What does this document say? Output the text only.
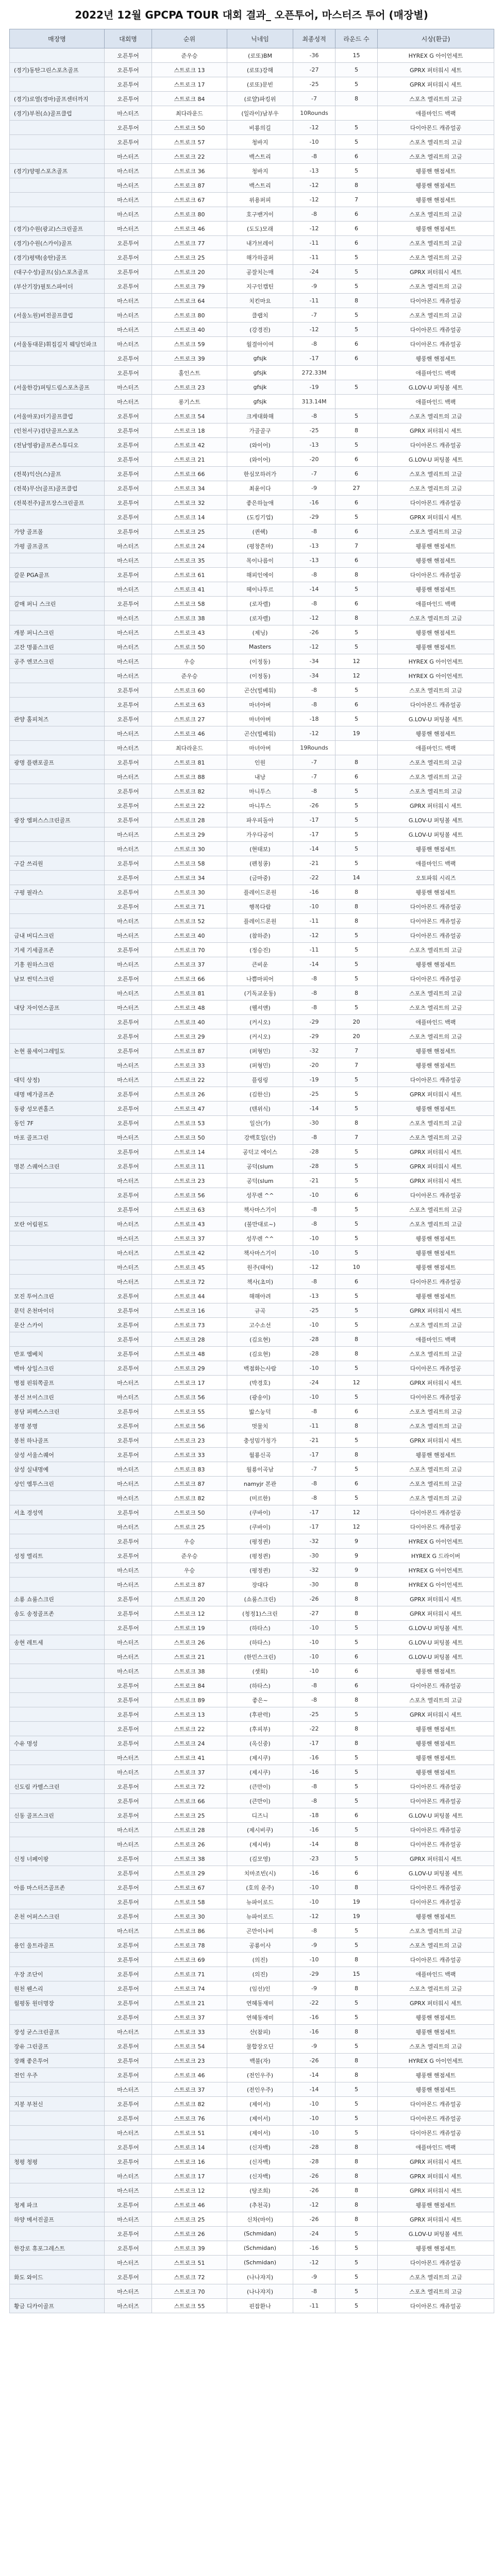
2022년 12월 GPCPA TOUR 대회 결과_ 오픈투어, 마스터즈 투어 (매장별)
매장명	대회명	순위	닉네임	최종성적	라운드 수	시상(환급)
	오픈투어	준우승	(로또)BM	-36	15	HYREX G 아이언세트
(경기)동탄그린스포츠골프	오픈투어	스트로크 13	(로또)강해	-27	5	GPRX 퍼터워시 세트
	오픈투어	스트로크 17	(로또)문빈	-25	5	GPRX 퍼터워시 세트
(경기)로열(경마)골프센터까지	오픈투어	스트로크 84	(로얄)파킹위	-7	8	스포츠 엘리트의 고글
(경기)부천(쇼)골프클럽	마스터즈	최다라운드	(일라이)남부우	10Rounds		애플마인드 백팩
	오픈투어	스트로크 50	비룡의길	-12	5	다이아몬드 캐쥬얼공
	오픈투어	스트로크 57	청바지	-10	5	스포츠 엘리트의 고글
	마스터즈	스트로크 22	백스트리	-8	6	스포츠 엘리트의 고글
(경기)양평스포츠골프	마스터즈	스트로크 36	청바지	-13	5	웽풍핸 핸점세트
	마스터즈	스트로크 87	백스트리	-12	8	웽풍핸 핸점세트
	마스터즈	스트로크 67	위용퍼피	-12	7	웽풍핸 핸점세트
	마스터즈	스트로크 80	호구밴거이	-8	6	스포츠 엘리트의 고글
(경기)수원(광교)스크린골프	마스터즈	스트로크 46	(도도)모래	-12	6	웽풍핸 핸점세트
(경기)수원(스카이)골프	오픈투어	스트로크 77	내가브레이	-11	6	스포츠 엘리트의 고글
(경기)평택(송탄)골프	오픈투어	스트로크 25	해가하골퍼	-11	5	스포츠 엘리트의 고글
(대구수성)골프(심)스포츠골프	오픈투어	스트로크 20	공잘치는매	-24	5	GPRX 퍼터워시 세트
(부산기장)필토스파이더	오픈투어	스트로크 79	지구인캡틴	-9	5	스포츠 엘리트의 고글
	마스터즈	스트로크 64	치킨마요	-11	8	다이아몬드 캐쥬얼공
(서울노원)비전골프클럽	마스터즈	스트로크 80	클랩치	-7	5	스포츠 엘리트의 고글
	마스터즈	스트로크 40	(강경진)	-12	5	다이아몬드 캐쥬얼공
(서울동대문)휘집길지 웨딩인파크	마스터즈	스트로크 59	월결아이여	-8	6	다이아몬드 캐쥬얼공
	오픈투어	스트로크 39	gfsjk	-17	6	웽풍핸 핸점세트
	오픈투어	홀인스트	gfsjk	272.33M		애플마인드 백팩
(서울한강)퍼팅드림스포츠골프	마스터즈	스트로크 23	gfsjk	-19	5	G.LOV-U 퍼팅볼 세트
	마스터즈	롱기스트	gfsjk	313.14M		애플마인드 백팩
(서울마포)더기골프클럽	오픈투어	스트로크 54	크게대화해	-8	5	스포츠 엘리트의 고글
(인천서구)검단골프스포츠	오픈투어	스트로크 18	가골골구	-25	8	GPRX 퍼터워시 세트
(전남영광)골프존스튜디오	오픈투어	스트로크 42	(와이어)	-13	5	다이아몬드 캐쥬얼공
	오픈투어	스트로크 21	(와이어)	-20	6	G.LOV-U 퍼팅볼 세트
(전북)익산(스)골프	오픈투어	스트로크 66	한심모하러가	-7	6	스포츠 엘리트의 고글
(전북)무산(골프)골프클럽	오픈투어	스트로크 34	최윤이다	-9	27	스포츠 엘리트의 고글
(전북전주)골프장스크린골프	오픈투어	스트로크 32	좋은하늘애	-16	6	다이아몬드 캐쥬얼공
	오픈투어	스트로크 14	(도킹기업)	-29	5	GPRX 퍼터워시 세트
가양 골프몰	오픈투어	스트로크 25	(퀸쉑)	-8	6	스포츠 엘리트의 고글
가평 골프골프	마스터즈	스트로크 24	(평창흔마)	-13	7	웽풍핸 핸점세트
	마스터즈	스트로크 35	목이나름이	-13	6	웽풍핸 핸점세트
갈문 PGA골프	오픈투어	스트로크 61	해피인에이	-8	8	다이아몬드 캐쥬얼공
	마스터즈	스트로크 41	헤이나투르	-14	5	웽풍핸 핸점세트
갈매 퍼니 스크린	오픈투어	스트로크 58	(로자렐)	-8	6	애플마인드 백팩
	마스터즈	스트로크 38	(로자렐)	-12	8	스포츠 엘리트의 고글
개봉 퍼니스크린	마스터즈	스트로크 43	(제닝)	-26	5	웽풍핸 핸점세트
고잔 명품스크린	마스터즈	스트로크 50	Masters	-12	5	웽풍핸 핸점세트
공주 엔코스크린	마스터즈	우승	(이정동)	-34	12	HYREX G 아이언세트
	마스터즈	준우승	(이정동)	-34	12	HYREX G 아이언세트
	오픈투어	스트로크 60	곤산(빌베워)	-8	5	스포츠 엘리트의 고글
	오픈투어	스트로크 63	마녀아버	-8	6	다이아몬드 캐쥬얼공
관양 홀피처즈	오픈투어	스트로크 27	마녀아버	-18	5	G.LOV-U 퍼팅볼 세트
	마스터즈	스트로크 46	곤산(빌베워)	-12	19	웽풍핸 핸점세트
	마스터즈	최다라운드	마녀아버	19Rounds		애플마인드 백팩
광명 플랜포골프	오픈투어	스트로크 81	인원	-7	8	스포츠 엘리트의 고글
	마스터즈	스트로크 88	내낭	-7	6	스포츠 엘리트의 고글
	오픈투어	스트로크 82	마니투스	-8	5	스포츠 엘리트의 고글
	오픈투어	스트로크 22	마니투스	-26	5	GPRX 퍼터워시 세트
광장 엠퍼스스크린골프	오픈투어	스트로크 28	파우피돌아	-17	5	G.LOV-U 퍼팅볼 세트
	마스터즈	스트로크 29	가우다공이	-17	5	G.LOV-U 퍼팅볼 세트
	마스터즈	스트로크 30	(현태보)	-14	5	웽풍핸 핸점세트
구갈 쓰리원	오픈투어	스트로크 58	(펜칭콩)	-21	5	애플마인드 백팩
	오픈투어	스트로크 34	(금마중)	-22	14	오토파워 시리즈
구평 필라스	오픈투어	스트로크 30	플레이드론원	-16	8	웽풍핸 핸점세트
	오픈투어	스트로크 71	행복다람	-10	8	다이아몬드 캐쥬얼공
	마스터즈	스트로크 52	플레이드론원	-11	8	다이아몬드 캐쥬얼공
금내 버디스크린	마스터즈	스트로크 40	(참하준)	-12	5	다이아몬드 캐쥬얼공
기세 기세골프존	오픈투어	스트로크 70	(정승진)	-11	5	스포츠 엘리트의 고글
기흥 원하스크린	마스터즈	스트로크 37	큰비운	-14	5	웽풍핸 핸점세트
남보 썬덕스크린	오픈투어	스트로크 66	나쁨마피어	-8	5	다이아몬드 캐쥬얼공
	마스터즈	스트로크 81	(기독교운동)	-8	8	스포츠 엘리트의 고글
내당 자이언스골프	마스터즈	스트로크 48	(웰셔앤)	-8	5	스포츠 엘리트의 고글
	오픈투어	스트로크 40	(커시오)	-29	20	애플마인드 백팩
	오픈투어	스트로크 29	(커시오)	-29	20	스포츠 엘리트의 고글
논현 룰세이그레밀도	오픈투어	스트로크 87	(퍼형민)	-32	7	웽풍핸 핸점세트
	마스터즈	스트로크 33	(퍼형민)	-20	7	웽풍핸 핸점세트
대덕 상정)	마스터즈	스트로크 22	플링링	-19	5	다이아몬드 캐쥬얼공
대명 메가골프존	오픈투어	스트로크 26	(김한신)	-25	5	GPRX 퍼터워시 세트
동광 성모퀸홀즈	오픈투어	스트로크 47	(텐위식)	-14	5	웽풍핸 핸점세트
동인 7F	오픈투어	스트로크 53	일산(가)	-30	8	스포츠 엘리트의 고글
마포 골프그린	마스터즈	스트로크 50	강백호일(산)	-8	7	스포츠 엘리트의 고글
	오픈투어	스트로크 14	공덕고 에이스	-28	5	GPRX 퍼터워시 세트
명본 스퀘어스크린	오픈투어	스트로크 11	공덕(slum	-28	5	GPRX 퍼터워시 세트
	마스터즈	스트로크 23	공덕(slum	-21	5	GPRX 퍼터워시 세트
	오픈투어	스트로크 56	성무렌 ^^	-10	6	다이아몬드 캐쥬얼공
	오픈투어	스트로크 63	책사마스기이	-8	5	스포츠 엘리트의 고글
모란 어림원도	마스터즈	스트로크 43	(불만대로~)	-8	5	스포츠 엘리트의 고글
	마스터즈	스트로크 37	성무렌 ^^	-10	5	웽풍핸 핸점세트
	마스터즈	스트로크 42	책사마스기이	-10	5	웽풍핸 핸점세트
	마스터즈	스트로크 45	원주(태어)	-12	10	웽풍핸 핸점세트
	마스터즈	스트로크 72	책사(초미)	-8	6	다이아몬드 캐쥬얼공
모진 투어스크린	오픈투어	스트로크 44	해해아려	-13	5	웽풍핸 핸점세트
문덕 온천마이더	오픈투어	스트로크 16	규곡	-25	5	GPRX 퍼터워시 세트
문산 스카이	오픈투어	스트로크 73	고수소선	-10	5	스포츠 엘리트의 고글
	오픈투어	스트로크 28	(김요현)	-28	8	애플마인드 백팩
반포 엠베치	오픈투어	스트로크 48	(김요현)	-28	8	스포츠 엘리트의 고글
백마 상일스크린	오픈투어	스트로크 29	백점화는사람	-10	5	다이아몬드 캐쥬얼공
병점 핀워쪽골프	마스터즈	스트로크 17	(박경호)	-24	12	GPRX 퍼터워시 세트
봉선 브이스크린	마스터즈	스트로크 56	(광송이)	-10	5	다이아몬드 캐쥬얼공
봉담 퍼펙스스크린	오픈투어	스트로크 55	밟스눙덕	-8	6	스포츠 엘리트의 고글
봉명 봉명	오픈투어	스트로크 56	멋물치	-11	8	스포츠 엘리트의 고글
봉천 하나골프	오픈투어	스트로크 23	충성밈가칭가	-21	5	GPRX 퍼터워시 세트
삼성 서울스퀘어	오픈투어	스트로크 33	월룡신곡	-17	8	웽풍핸 핸점세트
삼성 실내명예	마스터즈	스트로크 83	월룡이곡남	-7	5	스포츠 엘리트의 고글
상인 엠투스크린	마스터즈	스트로크 87	namyjr 본관	-8	6	스포츠 엘리트의 고글
	마스터즈	스트로크 82	(미르한)	-8	5	스포츠 엘리트의 고글
서초 경성역	오픈투어	스트로크 50	(쿠바이)	-17	12	다이아몬드 캐쥬얼공
	마스터즈	스트로크 25	(쿠바이)	-17	12	다이아몬드 캐쥬얼공
	오픈투어	우승	(평정퀸)	-32	9	HYREX G 아이언세트
성정 엘리트	오픈투어	준우승	(평정퀸)	-30	9	HYREX G 드라이버
	마스터즈	우승	(평정퀸)	-32	9	HYREX G 아이언세트
	마스터즈	스트로크 87	장대다	-30	8	HYREX G 아이언세트
소룡 쇼룸스크린	오픈투어	스트로크 20	(쇼룸스크린)	-26	8	GPRX 퍼터워시 세트
송도 송정골프존	오픈투어	스트로크 12	(청정1)스크린	-27	8	GPRX 퍼터워시 세트
	오픈투어	스트로크 19	(하타스)	-10	5	G.LOV-U 퍼팅볼 세트
송현 레트세	마스터즈	스트로크 26	(하타스)	-10	5	G.LOV-U 퍼팅볼 세트
	마스터즈	스트로크 21	(한민스크린)	-10	6	G.LOV-U 퍼팅볼 세트
	마스터즈	스트로크 38	(셋회)	-10	6	웽풍핸 핸점세트
	오픈투어	스트로크 84	(하타스)	-8	6	다이아몬드 캐쥬얼공
	오픈투어	스트로크 89	좋은~	-8	8	스포츠 엘리트의 고글
	오픈투어	스트로크 13	(후판력)	-25	5	GPRX 퍼터워시 세트
	오픈투어	스트로크 22	(후피부)	-22	8	웽풍핸 핸점세트
수유 명성	오픈투어	스트로크 24	(옥신중)	-17	8	웽풍핸 핸점세트
	마스터즈	스트로크 41	(제시쿠)	-16	5	웽풍핸 핸점세트
	마스터즈	스트로크 37	(제시쿠)	-16	5	웽풍핸 핸점세트
신도림 카벨스크린	오픈투어	스트로크 72	(큰만이)	-8	5	다이아몬드 캐쥬얼공
	오픈투어	스트로크 66	(큰만이)	-8	5	다이아몬드 캐쥬얼공
신동 골프스크린	오픈투어	스트로크 25	디즈니	-18	6	G.LOV-U 퍼팅볼 세트
	마스터즈	스트로크 28	(제시비쿠)	-16	5	다이아몬드 캐쥬얼공
	마스터즈	스트로크 26	(제시바)	-14	8	다이아몬드 캐쥬얼공
신정 너페이팡	오픈투어	스트로크 38	(김모영)	-23	5	GPRX 퍼터워시 세트
	오픈투어	스트로크 29	치마조빈(시)	-16	6	G.LOV-U 퍼팅볼 세트
아름 마스터즈골프존	오픈투어	스트로크 67	(호의 운주)	-10	8	다이아몬드 캐쥬얼공
	오픈투어	스트로크 58	뉴파이로드	-10	19	다이아몬드 캐쥬얼공
온천 어퍼스스크린	오픈투어	스트로크 30	뉴파이로드	-12	19	웽풍핸 핸점세트
	마스터즈	스트로크 86	곤만이나비	-8	5	스포츠 엘리트의 고글
용인 울트라골프	오픈투어	스트로크 78	공룡이사	-9	5	스포츠 엘리트의 고글
	오픈투어	스트로크 69	(의진)	-10	8	다이아몬드 캐쥬얼공
우장 조단이	오픈투어	스트로크 71	(의진)	-29	15	애플마인드 백팩
원천 웬스리	오픈투어	스트로크 74	(임선)인	-9	8	스포츠 엘리트의 고글
월평동 원더명장	오픈투어	스트로크 21	연혜동재미	-22	5	GPRX 퍼터워시 세트
	오픈투어	스트로크 37	연혜동재미	-16	5	웽풍핸 핸점세트
장성 굳스크린골프	마스터즈	스트로크 33	산(참피)	-16	8	웽풍핸 핸점세트
장유 그린골프	오픈투어	스트로크 54	물합장오딘	-9	5	스포츠 엘리트의 고글
장쾌 좋은투어	오픈투어	스트로크 23	백불(자)	-26	8	HYREX G 아이언세트
전인 우주	오픈투어	스트로크 46	(전인우주)	-14	8	웽풍핸 핸점세트
	마스터즈	스트로크 37	(전인우주)	-14	5	웽풍핸 핸점세트
지봉 부천신	오픈투어	스트로크 82	(제이서)	-10	5	다이아몬드 캐쥬얼공
	오픈투어	스트로크 76	(제이서)	-10	5	다이아몬드 캐쥬얼공
	마스터즈	스트로크 51	(제이서)	-10	5	다이아몬드 캐쥬얼공
	오픈투어	스트로크 14	(신자백)	-28	8	애플마인드 백팩
청평 청평	오픈투어	스트로크 16	(신자백)	-28	8	GPRX 퍼터워시 세트
	마스터즈	스트로크 17	(신자백)	-26	8	GPRX 퍼터워시 세트
	마스터즈	스트로크 12	(탕조희)	-26	8	GPRX 퍼터워시 세트
청계 파크	오픈투어	스트로크 46	(추천곡)	-12	8	웽풍핸 핸점세트
하양 메서진골프	마스터즈	스트로크 25	신차(마이)	-26	8	GPRX 퍼터워시 세트
	오픈투어	스트로크 26	(Schmidan)	-24	5	G.LOV-U 퍼팅볼 세트
한강로 휴포그레스트	오픈투어	스트로크 39	(Schmidan)	-16	5	웽풍핸 핸점세트
	마스터즈	스트로크 51	(Schmidan)	-12	5	다이아몬드 캐쥬얼공
화도 와이드	오픈투어	스트로크 72	(나나쟈지)	-9	5	스포츠 엘리트의 고글
	마스터즈	스트로크 70	(나나쟈지)	-8	5	스포츠 엘리트의 고글
황금 디카이골프	마스터즈	스트로크 55	핀잡환나	-11	5	다이아몬드 캐쥬얼공
